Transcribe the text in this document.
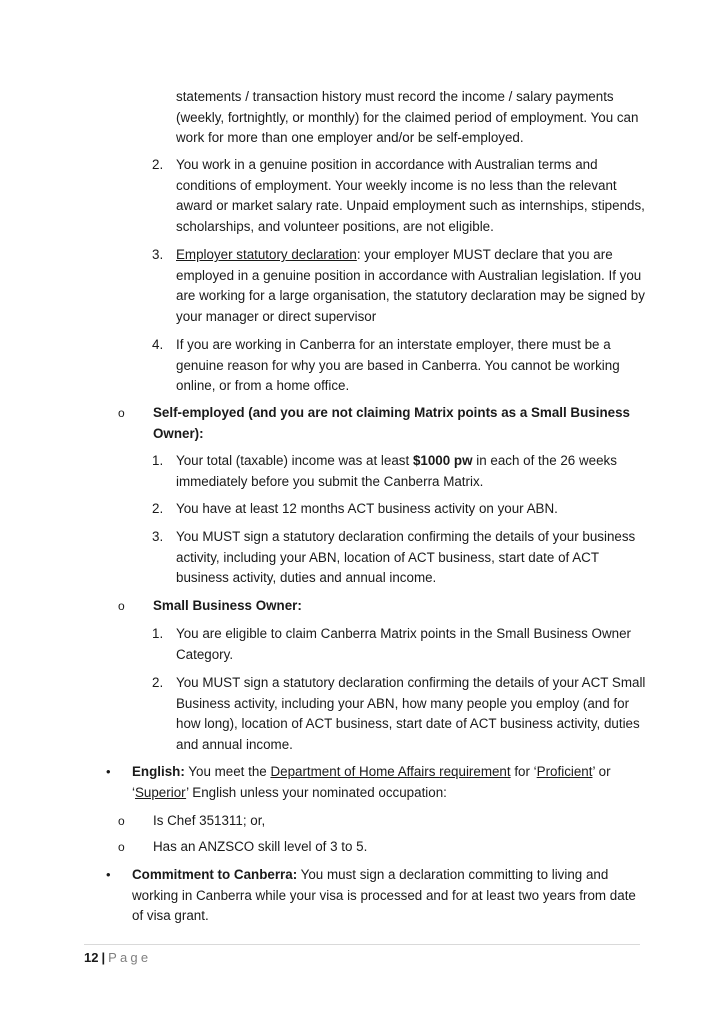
statements / transaction history must record the income / salary payments (weekly, fortnightly, or monthly) for the claimed period of employment. You can work for more than one employer and/or be self-employed.
2. You work in a genuine position in accordance with Australian terms and conditions of employment. Your weekly income is no less than the relevant award or market salary rate. Unpaid employment such as internships, stipends, scholarships, and volunteer positions, are not eligible.
3. Employer statutory declaration: your employer MUST declare that you are employed in a genuine position in accordance with Australian legislation. If you are working for a large organisation, the statutory declaration may be signed by your manager or direct supervisor
4. If you are working in Canberra for an interstate employer, there must be a genuine reason for why you are based in Canberra. You cannot be working online, or from a home office.
o Self-employed (and you are not claiming Matrix points as a Small Business Owner):
1. Your total (taxable) income was at least $1000 pw in each of the 26 weeks immediately before you submit the Canberra Matrix.
2. You have at least 12 months ACT business activity on your ABN.
3. You MUST sign a statutory declaration confirming the details of your business activity, including your ABN, location of ACT business, start date of ACT business activity, duties and annual income.
o Small Business Owner:
1. You are eligible to claim Canberra Matrix points in the Small Business Owner Category.
2. You MUST sign a statutory declaration confirming the details of your ACT Small Business activity, including your ABN, how many people you employ (and for how long), location of ACT business, start date of ACT business activity, duties and annual income.
• English: You meet the Department of Home Affairs requirement for ‘Proficient’ or ‘Superior’ English unless your nominated occupation:
o Is Chef 351311; or,
o Has an ANZSCO skill level of 3 to 5.
• Commitment to Canberra: You must sign a declaration committing to living and working in Canberra while your visa is processed and for at least two years from date of visa grant.
12 | Page
